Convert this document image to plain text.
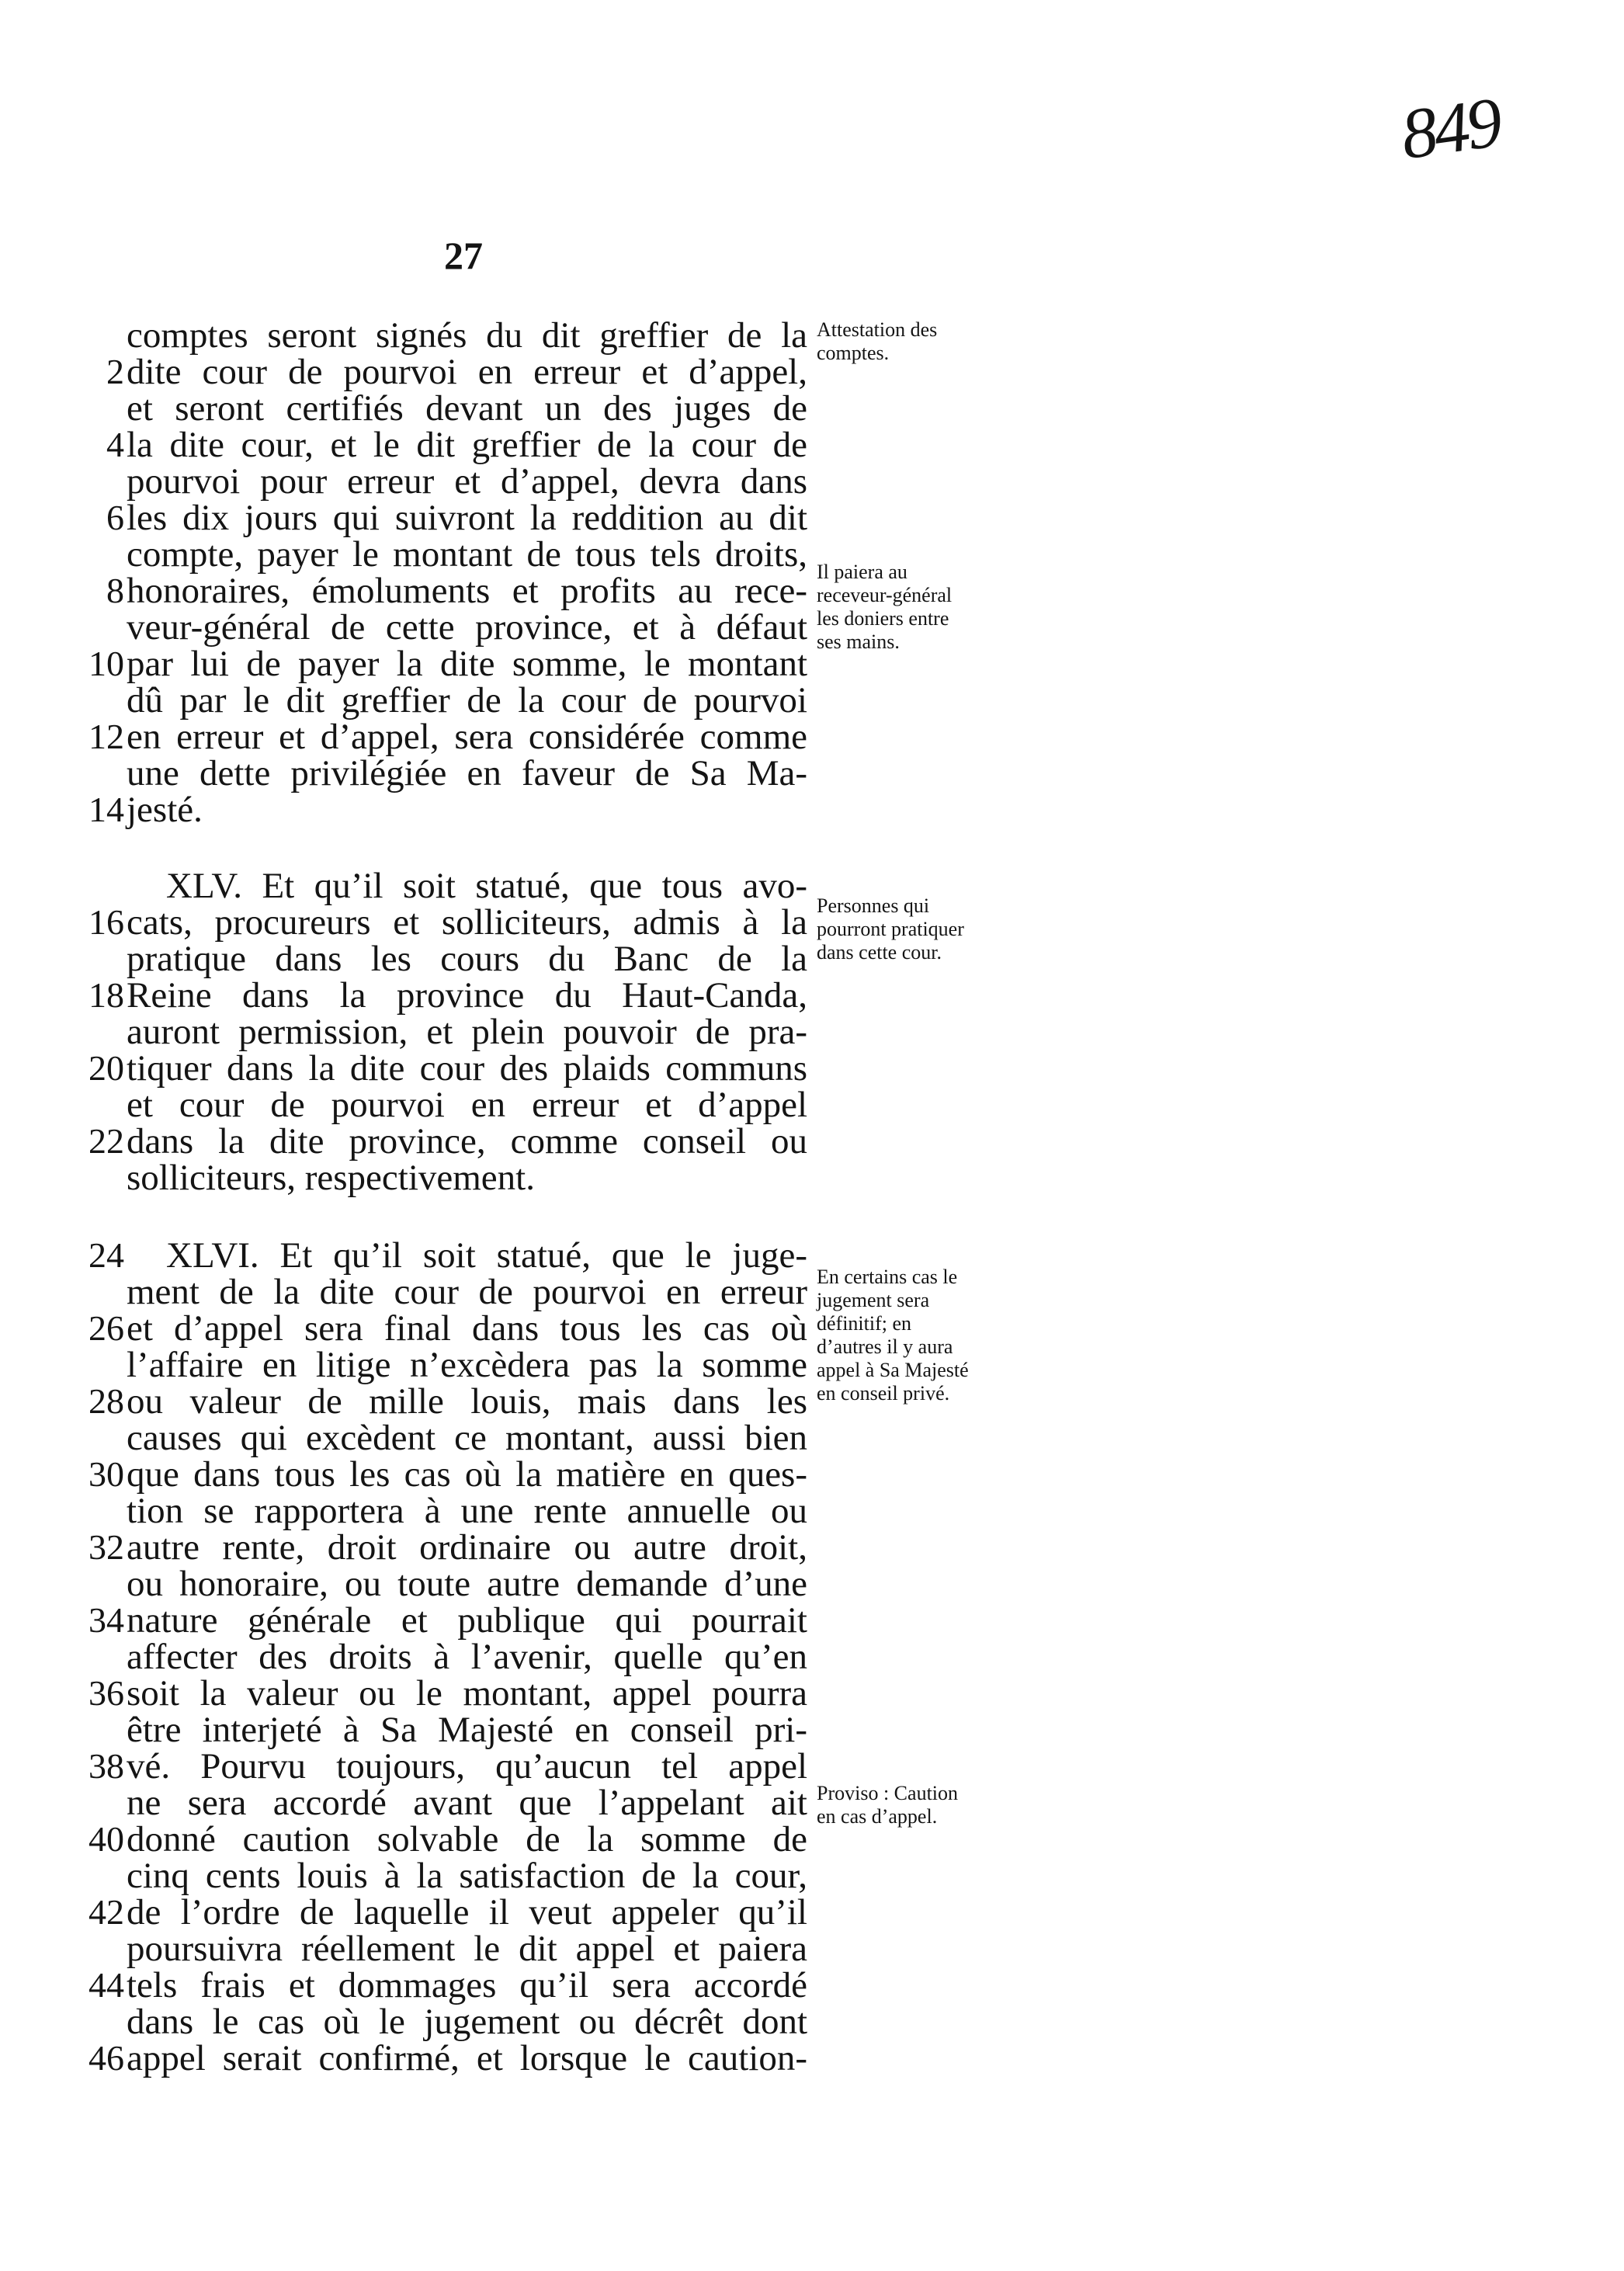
849
27
comptes seront signés du dit greffier de la
2 dite cour de pourvoi en erreur et d’appel,
et seront certifiés devant un des juges de
4 la dite cour, et le dit greffier de la cour de
pourvoi pour erreur et d’appel, devra dans
6 les dix jours qui suivront la reddition au dit
compte, payer le montant de tous tels droits,
8 honoraires, émoluments et profits au rece-
veur-général de cette province, et à défaut
10 par lui de payer la dite somme, le montant
dû par le dit greffier de la cour de pourvoi
12 en erreur et d’appel, sera considérée comme
une dette privilégiée en faveur de Sa Ma-
14 jesté.
XLV. Et qu’il soit statué, que tous avo-
16 cats, procureurs et solliciteurs, admis à la
pratique dans les cours du Banc de la
18 Reine dans la province du Haut-Canda,
auront permission, et plein pouvoir de pra-
20 tiquer dans la dite cour des plaids communs
et cour de pourvoi en erreur et d’appel
22 dans la dite province, comme conseil ou
solliciteurs, respectivement.
24 XLVI. Et qu’il soit statué, que le juge-
ment de la dite cour de pourvoi en erreur
26 et d’appel sera final dans tous les cas où
l’affaire en litige n’excèdera pas la somme
28 ou valeur de mille louis, mais dans les
causes qui excèdent ce montant, aussi bien
30 que dans tous les cas où la matière en ques-
tion se rapportera à une rente annuelle ou
32 autre rente, droit ordinaire ou autre droit,
ou honoraire, ou toute autre demande d’une
34 nature générale et publique qui pourrait
affecter des droits à l’avenir, quelle qu’en
36 soit la valeur ou le montant, appel pourra
être interjeté à Sa Majesté en conseil pri-
38 vé. Pourvu toujours, qu’aucun tel appel
ne sera accordé avant que l’appelant ait
40 donné caution solvable de la somme de
cinq cents louis à la satisfaction de la cour,
42 de l’ordre de laquelle il veut appeler qu’il
poursuivra réellement le dit appel et paiera
44 tels frais et dommages qu’il sera accordé
dans le cas où le jugement ou décrêt dont
46 appel serait confirmé, et lorsque le caution-
Attestation des comptes.
Il paiera au receveur-général les doniers entre ses mains.
Personnes qui pourront pratiquer dans cette cour.
En certains cas le jugement sera définitif; en d’autres il y aura appel à Sa Majesté en conseil privé.
Proviso : Caution en cas d’appel.
